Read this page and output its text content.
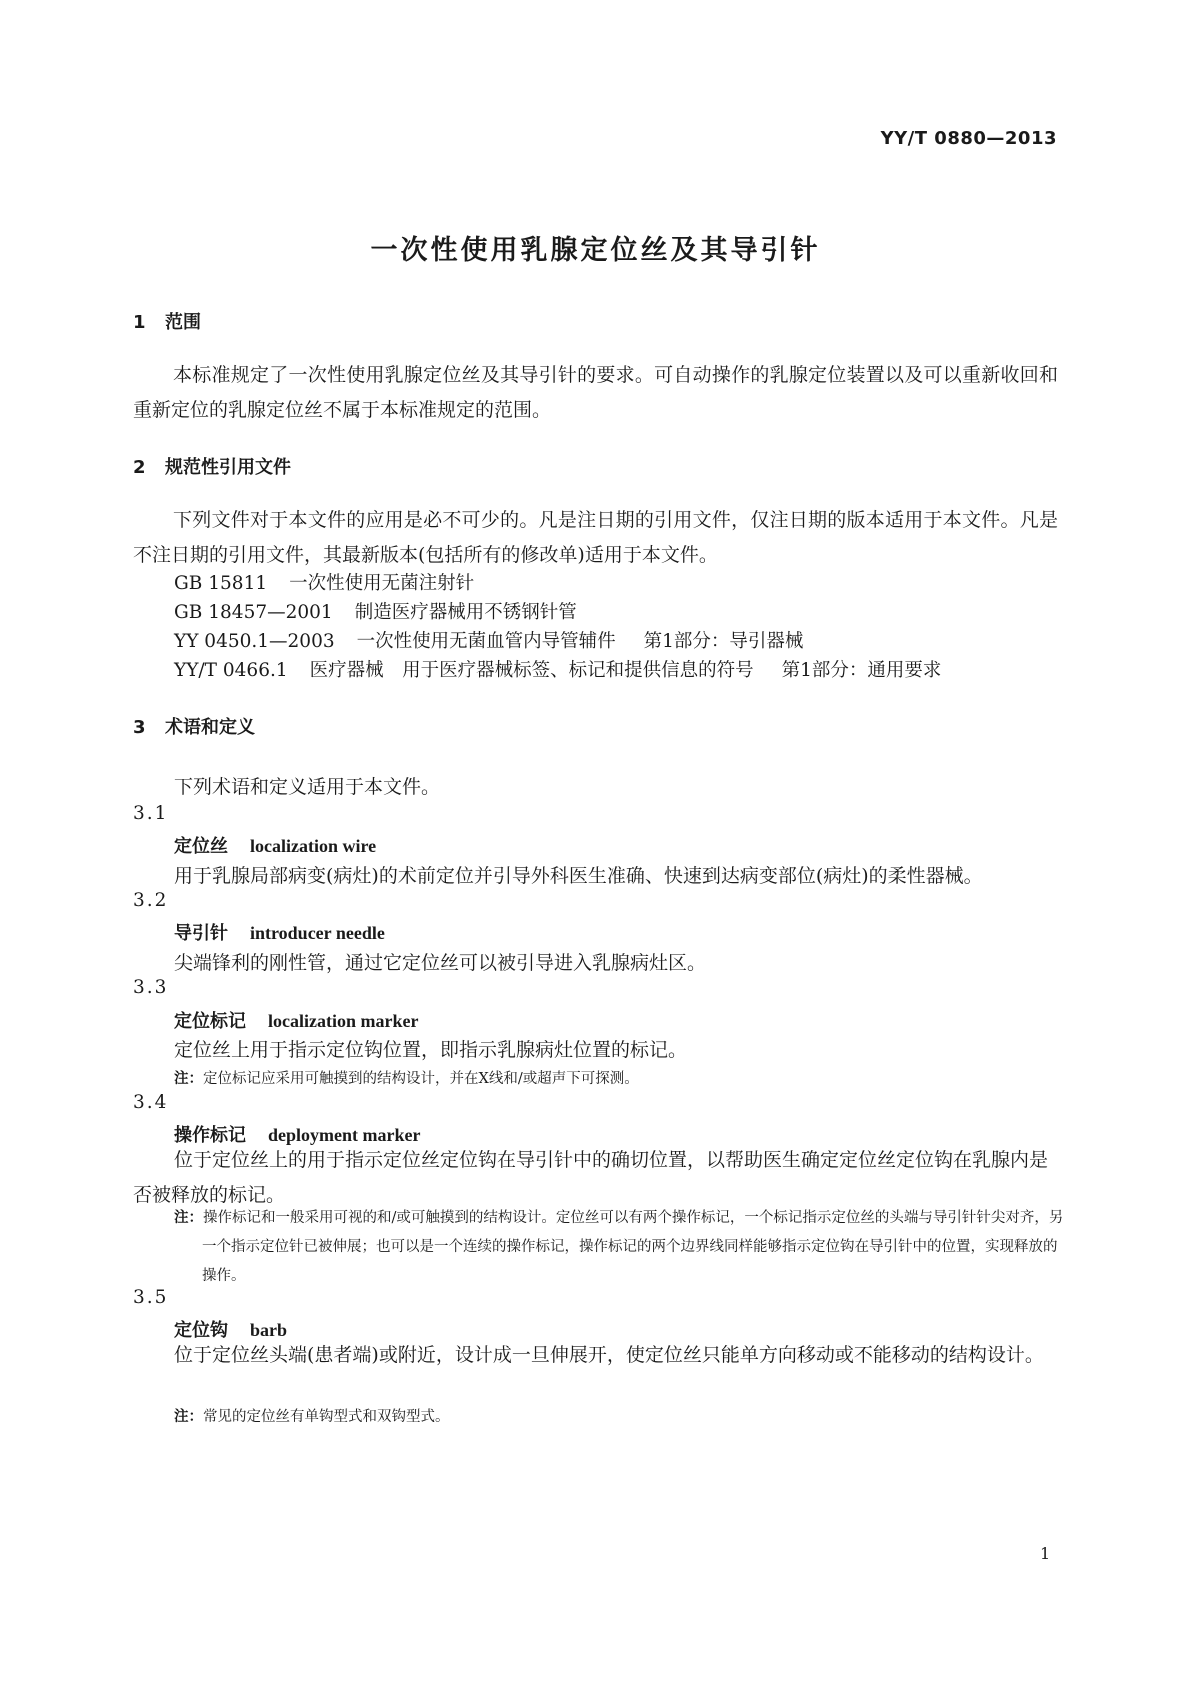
YY/T 0880—2013
一次性使用乳腺定位丝及其导引针
1 范围
本标准规定了一次性使用乳腺定位丝及其导引针的要求。可自动操作的乳腺定位装置以及可以重新收回和重新定位的乳腺定位丝不属于本标准规定的范围。
2 规范性引用文件
下列文件对于本文件的应用是必不可少的。凡是注日期的引用文件，仅注日期的版本适用于本文件。凡是不注日期的引用文件，其最新版本(包括所有的修改单)适用于本文件。
GB 15811 一次性使用无菌注射针
GB 18457—2001 制造医疗器械用不锈钢针管
YY 0450.1—2003 一次性使用无菌血管内导管辅件 第1部分：导引器械
YY/T 0466.1 医疗器械　用于医疗器械标签、标记和提供信息的符号 第1部分：通用要求
3 术语和定义
下列术语和定义适用于本文件。
3.1
定位丝 localization wire
用于乳腺局部病变(病灶)的术前定位并引导外科医生准确、快速到达病变部位(病灶)的柔性器械。
3.2
导引针 introducer needle
尖端锋利的刚性管，通过它定位丝可以被引导进入乳腺病灶区。
3.3
定位标记 localization marker
定位丝上用于指示定位钩位置，即指示乳腺病灶位置的标记。
注：定位标记应采用可触摸到的结构设计，并在X线和/或超声下可探测。
3.4
操作标记 deployment marker
位于定位丝上的用于指示定位丝定位钩在导引针中的确切位置，以帮助医生确定定位丝定位钩在乳腺内是否被释放的标记。
注：操作标记和一般采用可视的和/或可触摸到的结构设计。定位丝可以有两个操作标记，一个标记指示定位丝的头端与导引针针尖对齐，另一个指示定位针已被伸展；也可以是一个连续的操作标记，操作标记的两个边界线同样能够指示定位钩在导引针中的位置，实现释放的操作。
3.5
定位钩 barb
位于定位丝头端(患者端)或附近，设计成一旦伸展开，使定位丝只能单方向移动或不能移动的结构设计。
注：常见的定位丝有单钩型式和双钩型式。
1
